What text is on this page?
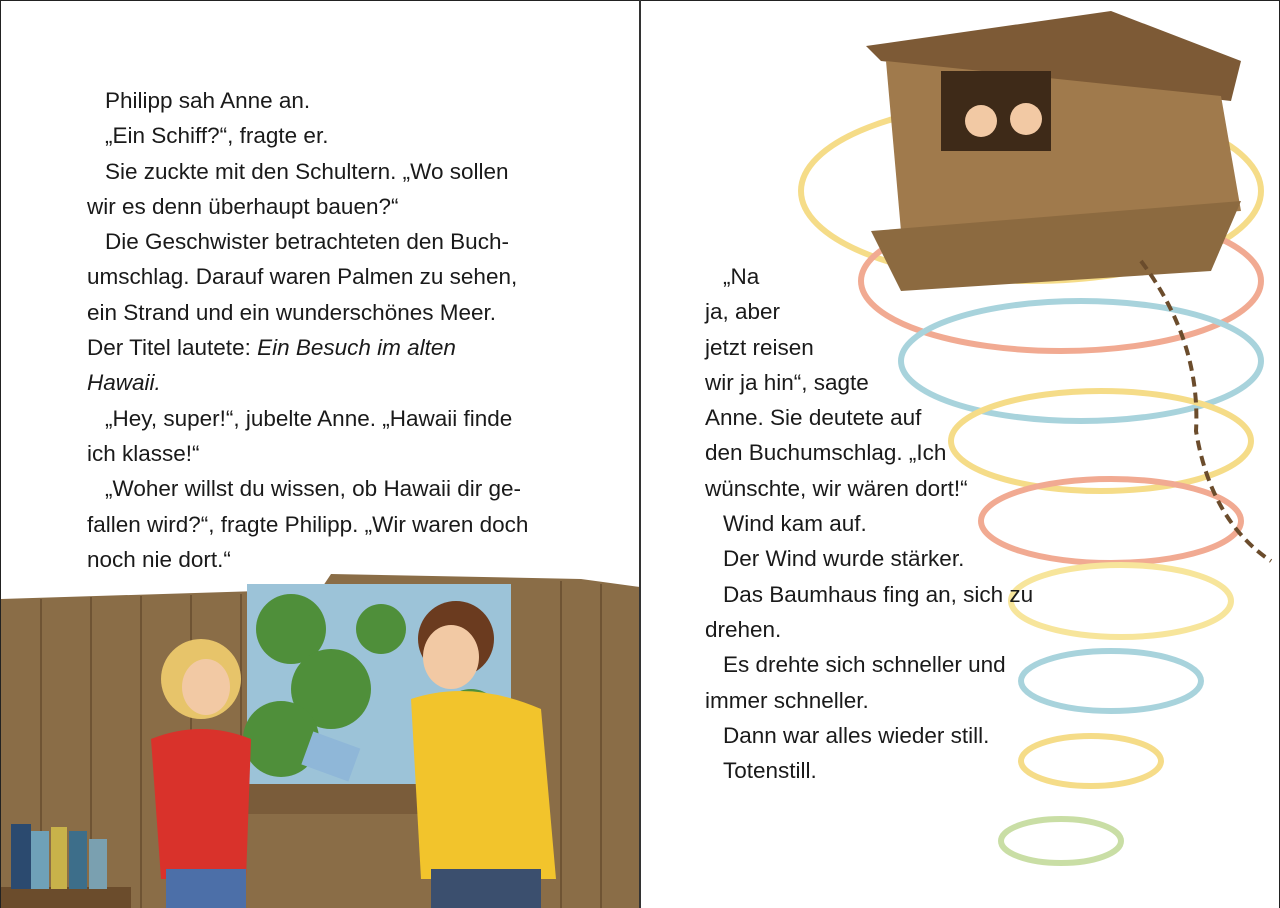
Philipp sah Anne an.
„Ein Schiff?“, fragte er.
Sie zuckte mit den Schultern. „Wo sollen
wir es denn überhaupt bauen?“
Die Geschwister betrachteten den Buch-
umschlag. Darauf waren Palmen zu sehen,
ein Strand und ein wunderschönes Meer.
Der Titel lautete: Ein Besuch im alten
Hawaii.
„Hey, super!“, jubelte Anne. „Hawaii finde
ich klasse!“
„Woher willst du wissen, ob Hawaii dir ge-
fallen wird?“, fragte Philipp. „Wir waren doch
noch nie dort.“
„Na
ja, aber
jetzt reisen
wir ja hin“, sagte
Anne. Sie deutete auf
den Buchumschlag. „Ich
wünschte, wir wären dort!“
Wind kam auf.
Der Wind wurde stärker.
Das Baumhaus fing an, sich zu
drehen.
Es drehte sich schneller und
immer schneller.
Dann war alles wieder still.
Totenstill.
